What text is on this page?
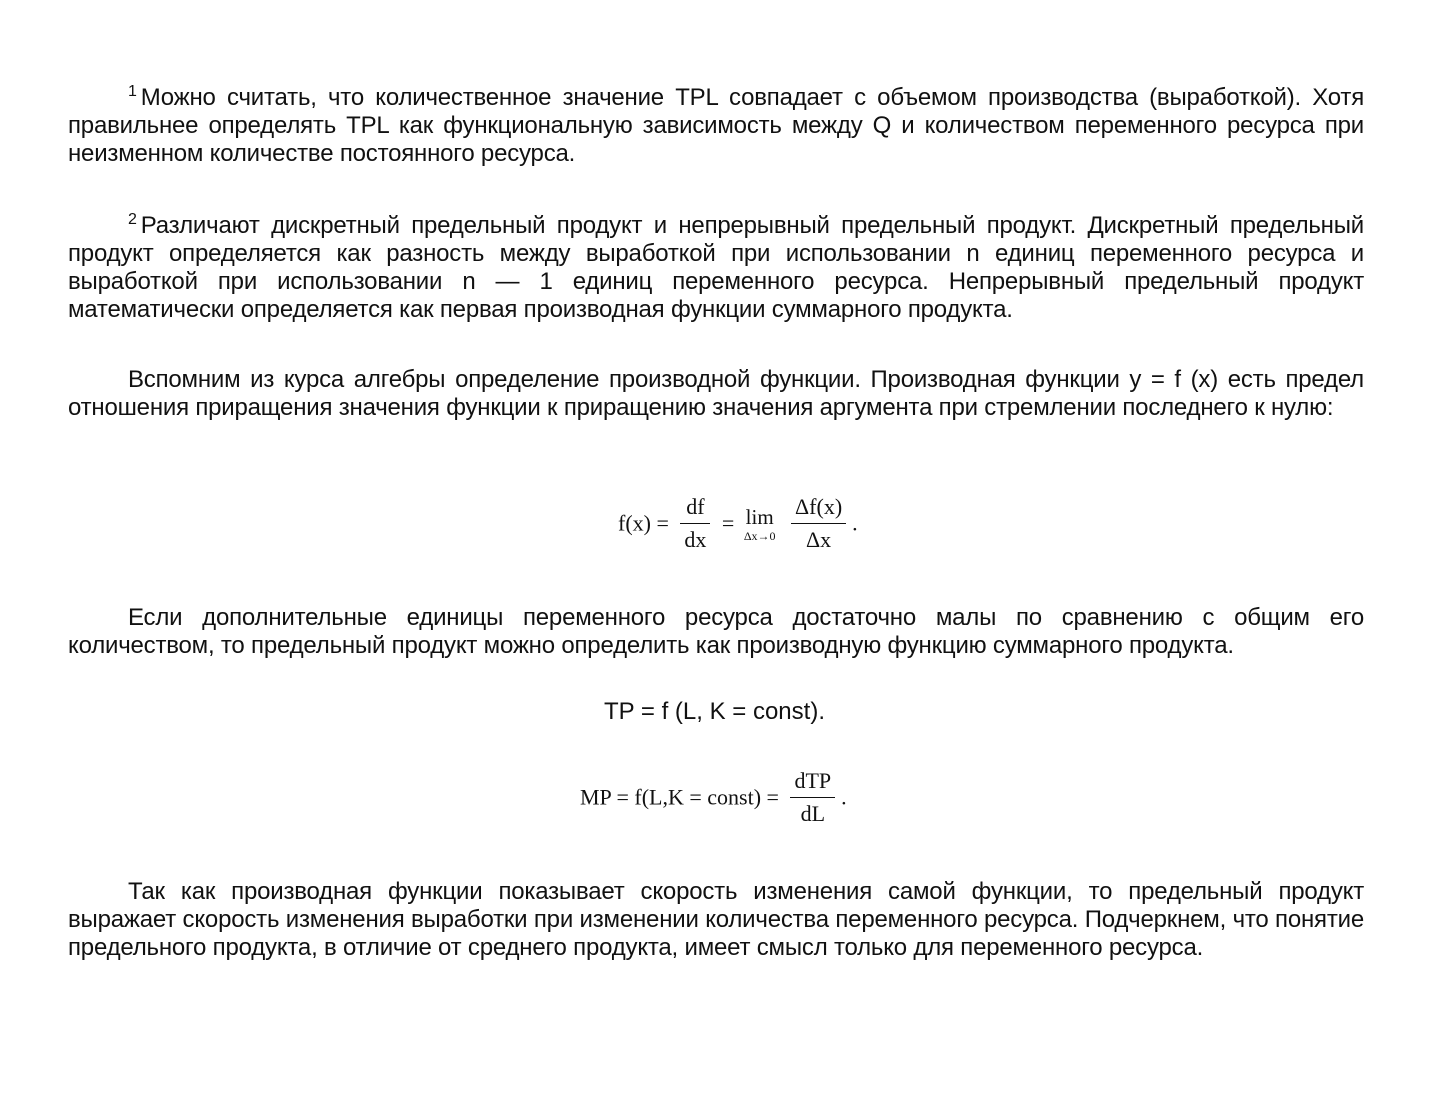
$^1$ Можно считать, что количественное значение TPL совпадает с объемом производства (выработкой). Хотя правильнее определять TPL как функциональную зависимость между Q и количеством переменного ресурса при неизменном количестве постоянного ресурса.
$^2$ Различают дискретный предельный продукт и непрерывный предельный продукт. Дискретный предельный продукт определяется как разность между выработкой при использовании n единиц переменного ресурса и выработкой при использовании n — 1 единиц переменного ресурса. Непрерывный предельный продукт математически определяется как первая производная функции суммарного продукта.
Вспомним из курса алгебры определение производной функции. Производная функции y = f (x) есть предел отношения приращения значения функции к приращению значения аргумента при стремлении последнего к нулю:
$f(x) = \frac{df}{dx} = \lim$
Δx→0
$\frac{\Delta f(x)}{\Delta x}$ .
Если дополнительные единицы переменного ресурса достаточно малы по сравнению с общим его количеством, то предельный продукт можно определить как производную функцию суммарного продукта.
TP = f (L, K = const).
MP = f(L,K = const) = $\frac{\text{dTP}}{dL}$ .
Так как производная функции показывает скорость изменения самой функции, то предельный продукт выражает скорость изменения выработки при изменении количества переменного ресурса. Подчеркнем, что понятие предельного продукта, в отличие от среднего продукта, имеет смысл только для переменного ресурса.
